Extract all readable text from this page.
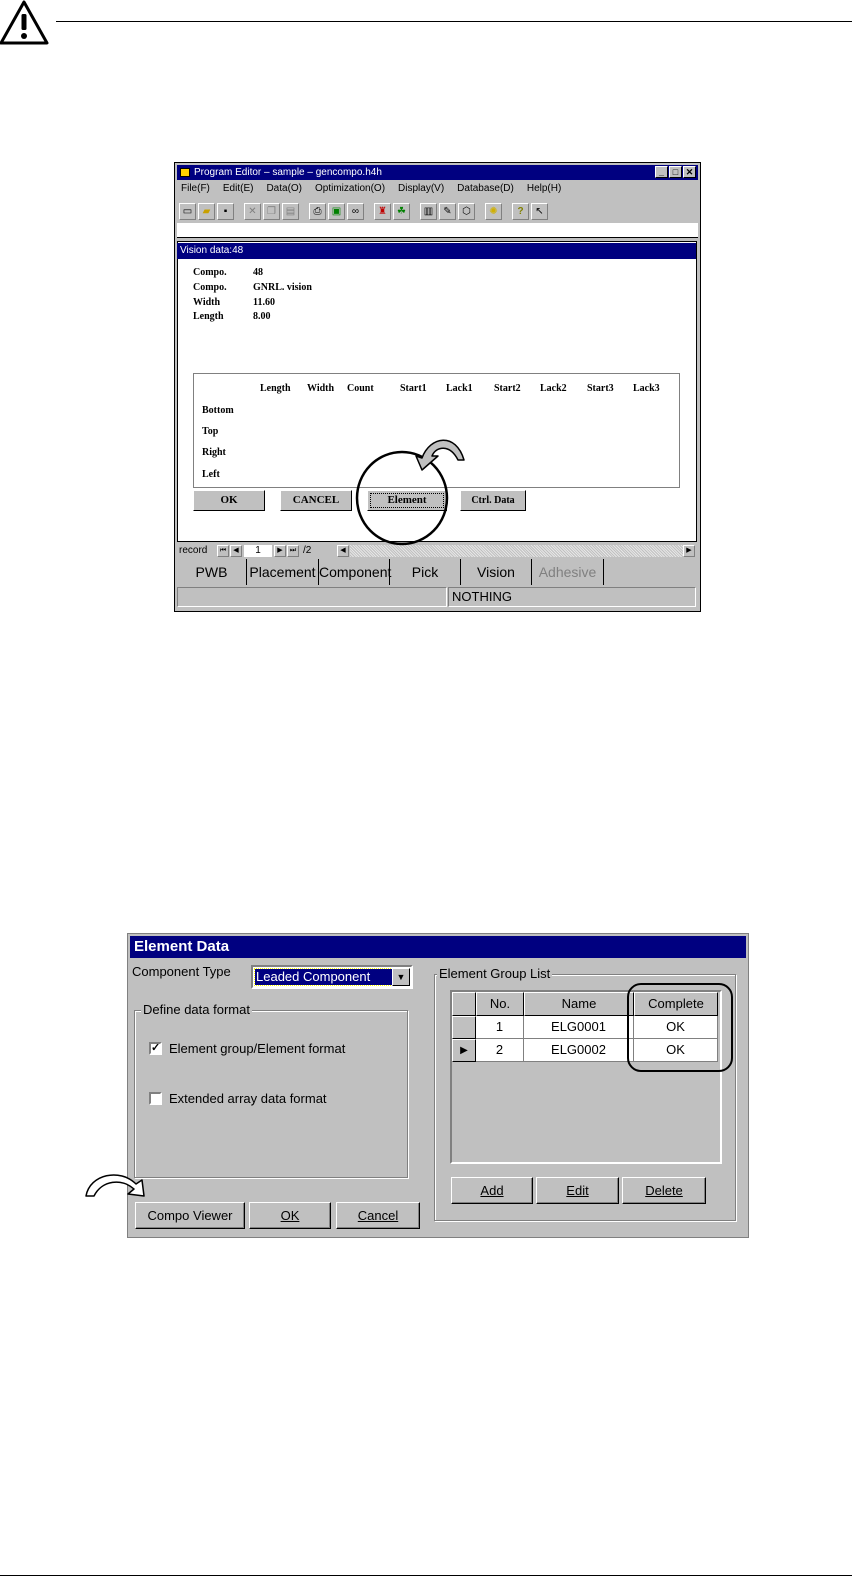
Program Editor – sample – gencompo.h4h	_ □ ✕
File(F) Edit(E) Data(O) Optimization(O) Display(V) Database(D) Help(H)
▭	▰	▪	✕	❐ ▤	⎙	▣	∞	♜	☘	▥	✎	⬡	✺	?	↖
Vision data:48
Compo.	48
Compo.	GNRL. vision
Width	11.60
Length	8.00
Length Width Count	Start1 Lack1 Start2 Lack2 Start3 Lack3
Bottom
Top
Right
Left
OK	CANCEL	Element	Ctrl. Data
record	⏮	◀	1	▶	⏭ /2	◀	▶
PWB	Placement Component	Pick	Vision	Adhesive
NOTHING
Element Data
Component Type Leaded Component	▼
Define data format
✓ Element group/Element format
Extended array data format
Element Group List
No.	Name	Complete
1	ELG0001	OK
▶	2	ELG0002	OK
Add	Edit	Delete
Compo Viewer	OK	Cancel
